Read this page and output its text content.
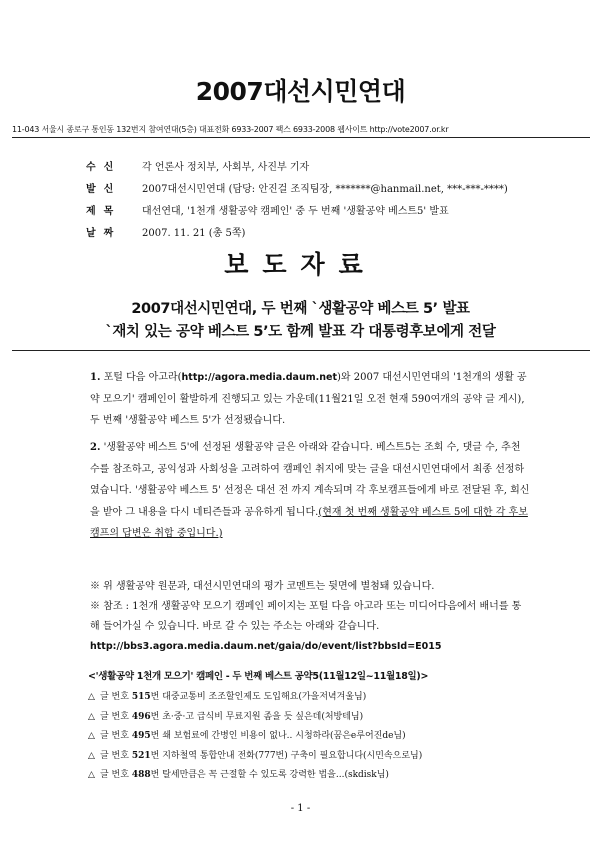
2007대선시민연대
11-043 서울시 종로구 통인동 132번지 참여연대(5층) 대표전화 6933-2007 팩스 6933-2008 웹사이트 http://vote2007.or.kr
수신 각 언론사 정치부, 사회부, 사진부 기자
발신 2007대선시민연대 (담당: 안진걸 조직팀장, *******@hanmail.net, ***-***-****)
제목 대선연대, '1천개 생활공약 캠페인' 중 두 번째 '생활공약 베스트5' 발표
날짜 2007. 11. 21 (총 5쪽)
보도자료
2007대선시민연대, 두 번째 `생활공약 베스트 5’ 발표
`재치 있는 공약 베스트 5’도 함께 발표 각 대통령후보에게 전달
1. 포털 다음 아고라(http://agora.media.daum.net)와 2007 대선시민연대의 '1천개의 생활 공약 모으기' 캠페인이 활발하게 진행되고 있는 가운데(11월21일 오전 현재 590여개의 공약 글 게시), 두 번째 '생활공약 베스트 5'가 선정됐습니다.
2. '생활공약 베스트 5'에 선정된 생활공약 글은 아래와 같습니다. 베스트5는 조회 수, 댓글 수, 추천 수를 참조하고, 공익성과 사회성을 고려하여 캠페인 취지에 맞는 글을 대선시민연대에서 최종 선정하였습니다. '생활공약 베스트 5' 선정은 대선 전 까지 계속되며 각 후보캠프들에게 바로 전달된 후, 회신을 받아 그 내용을 다시 네티즌들과 공유하게 됩니다.(현재 첫 번째 생활공약 베스트 5에 대한 각 후보캠프의 답변은 취합 중입니다.)
※ 위 생활공약 원문과, 대선시민연대의 평가 코멘트는 뒷면에 별첨돼 있습니다.
※ 참조 : 1천개 생활공약 모으기 캠페인 페이지는 포털 다음 아고라 또는 미디어다음에서 배너를 통해 들어가실 수 있습니다. 바로 갈 수 있는 주소는 아래와 같습니다. http://bbs3.agora.media.daum.net/gaia/do/event/list?bbsId=E015
<'생활공약 1천개 모으기' 캠페인 - 두 번째 베스트 공약5(11월12일~11월18일)>
△ 글 번호 515번 대중교통비 조조할인제도 도입해요(가을저녁겨울님)
△ 글 번호 496번 초·중·고 급식비 무료지원 좀을 듯 싶은데(처방테님)
△ 글 번호 495번 쇄 보험료에 간병인 비용이 없나.. 시청하라(꿈은e루어진de님)
△ 글 번호 521번 지하철역 통합안내 전화(777번) 구축이 필요합니다(시민속으로님)
△ 글 번호 488번 탈세만큼은 꼭 근절할 수 있도록 강력한 법을...(skdisk님)
- 1 -
